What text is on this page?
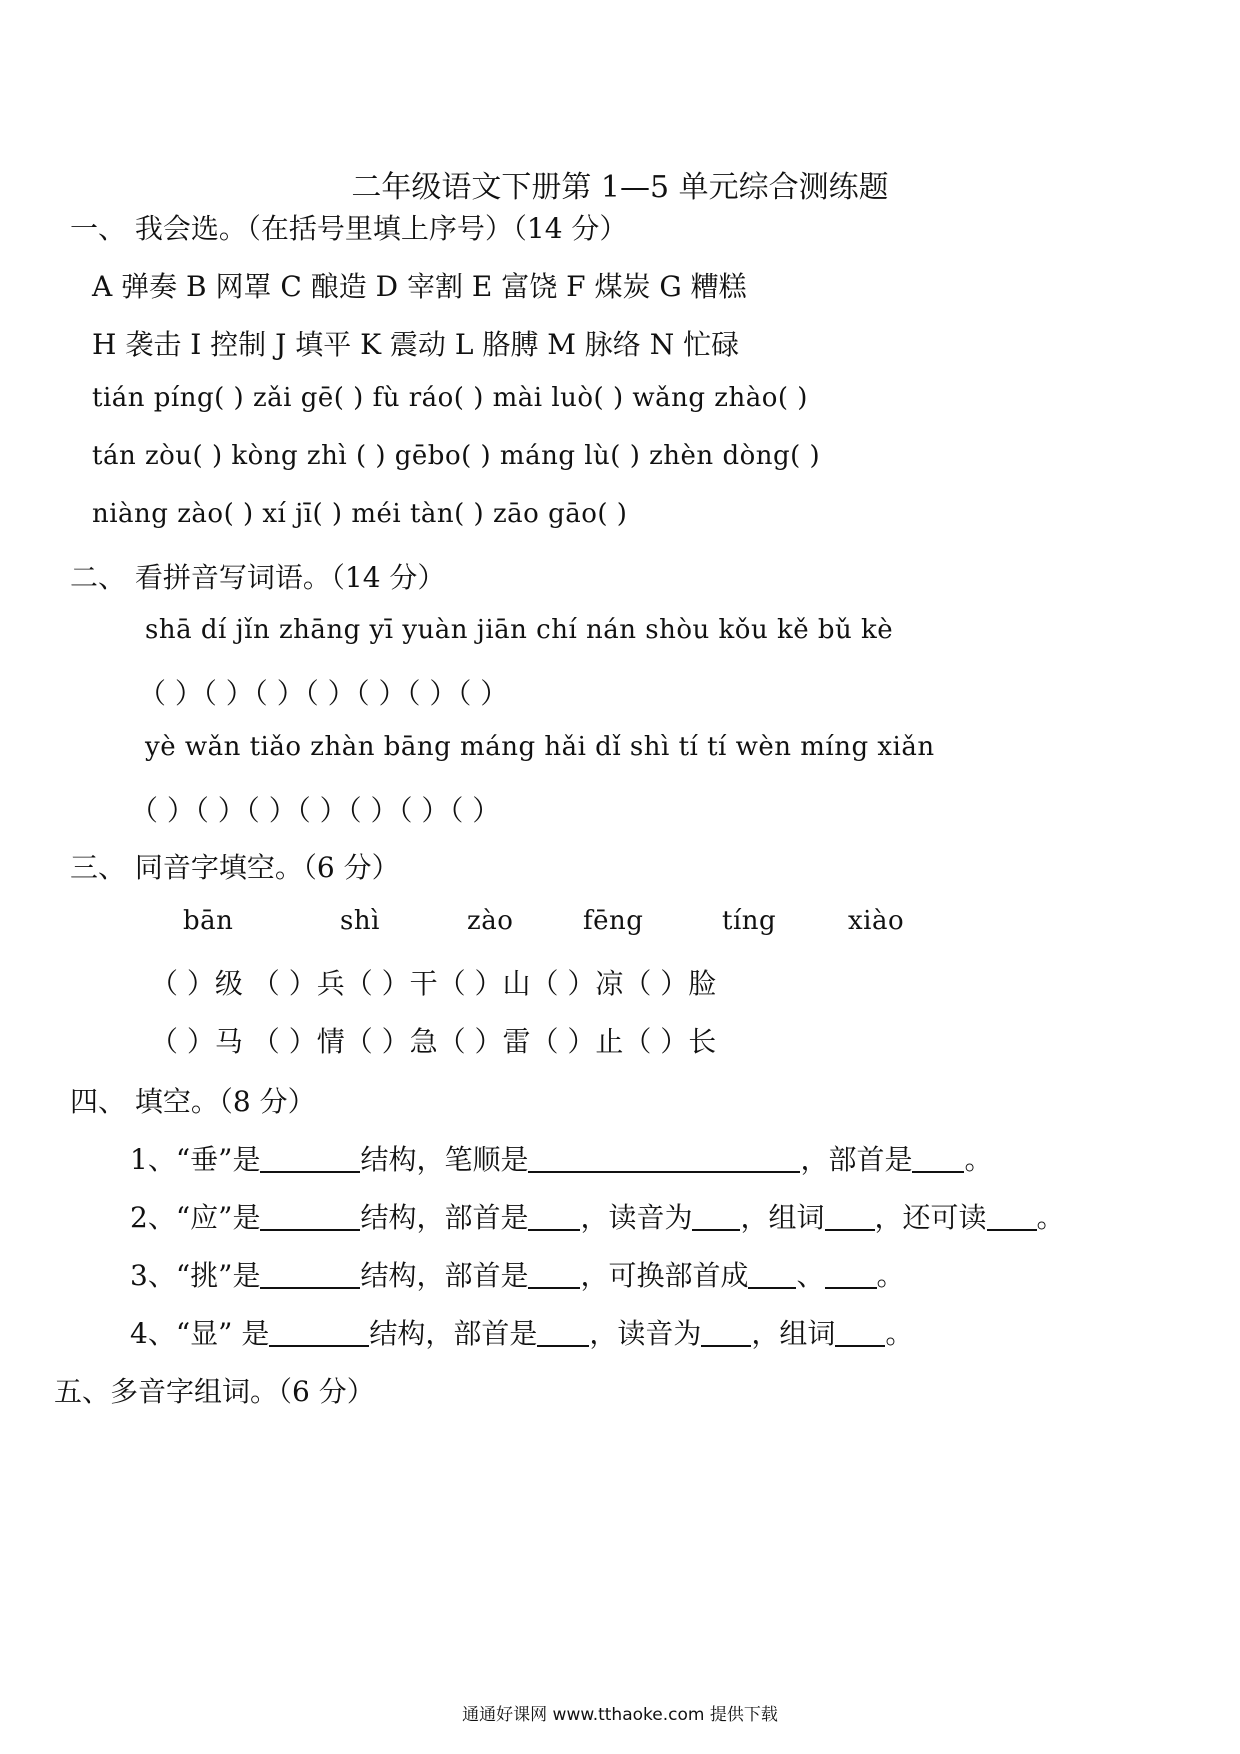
二年级语文下册第 1—5 单元综合测练题
一、 我会选。（在括号里填上序号）（14 分）
A 弹奏 B 网罩 C 酿造 D 宰割 E 富饶 F 煤炭 G 糟糕
H 袭击 I 控制 J 填平 K 震动 L 胳膊 M 脉络 N 忙碌
tián píng( ) zǎi gē( ) fù ráo( ) mài luò( ) wǎng zhào( )
tán zòu( ) kòng zhì ( ) gēbo( ) máng lù( ) zhèn dòng( )
niàng zào( ) xí jī( ) méi tàn( ) zāo gāo( )
二、 看拼音写词语。（14 分）
shā dí jǐn zhāng yī yuàn jiān chí nán shòu kǒu kě bǔ kè
（ ）（ ）（ ）（ ）（ ）（ ）（ ）
yè wǎn tiǎo zhàn bāng máng hǎi dǐ shì tí tí wèn míng xiǎn
（ ）（ ）（ ）（ ）（ ）（ ）（ ）
三、 同音字填空。（6 分）
bān	shì	zào	fēng	tíng	xiào
（ ）级 （ ）兵（ ）干（ ）山（ ）凉（ ）脸
（ ）马 （ ）情（ ）急（ ）雷（ ）止（ ）长
四、 填空。（8 分）
1、“垂”是	结构，笔顺是	，部首是 。
2、“应”是	结构，部首是 ，读音为 ，组词 ，还可读 。
3、“挑”是	结构，部首是 ，可换部首成 、 。
4、“显” 是	结构，部首是 ，读音为 ，组词 。
五、多音字组词。（6 分）
通通好课网 www.tthaoke.com 提供下载
